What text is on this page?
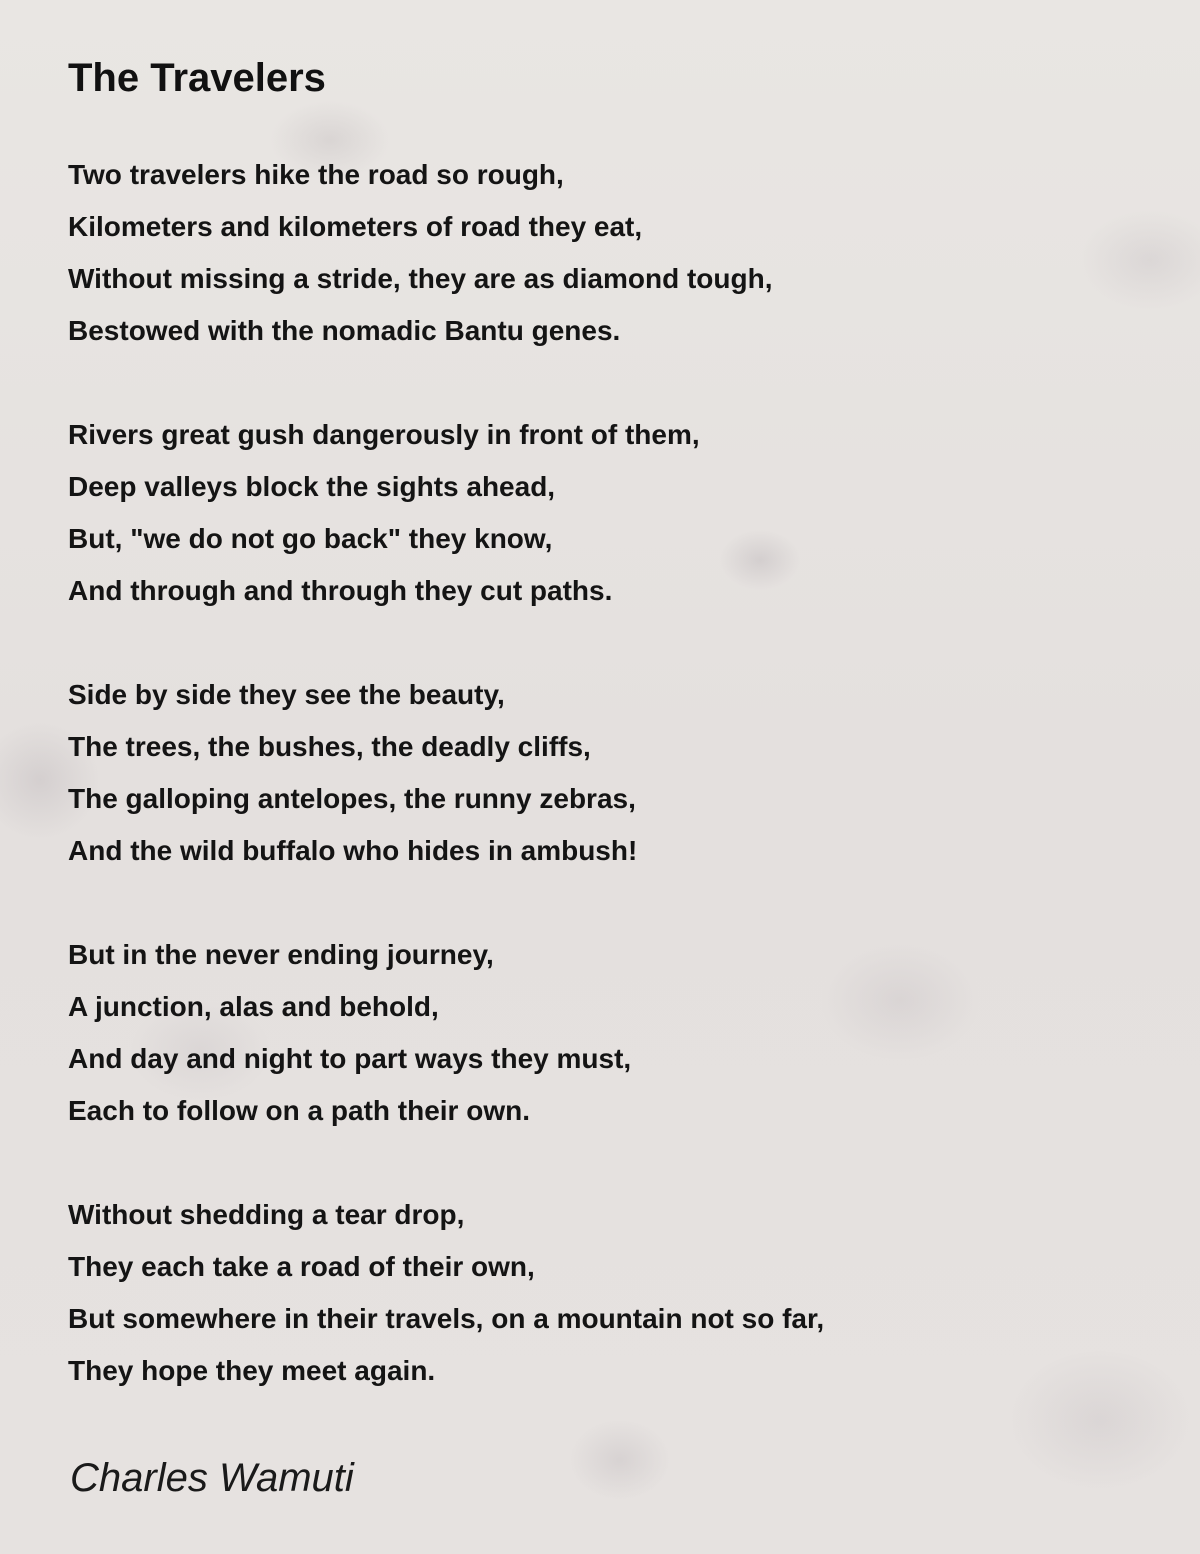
The Travelers
Two travelers hike the road so rough,
Kilometers and kilometers of road they eat,
Without missing a stride, they are as diamond tough,
Bestowed with the nomadic Bantu genes.
Rivers great gush dangerously in front of them,
Deep valleys block the sights ahead,
But, "we do not go back" they know,
And through and through they cut paths.
Side by side they see the beauty,
The trees, the bushes, the deadly cliffs,
The galloping antelopes, the runny zebras,
And the wild buffalo who hides in ambush!
But in the never ending journey,
A junction, alas and behold,
And day and night to part ways they must,
Each to follow on a path their own.
Without shedding a tear drop,
They each take a road of their own,
But somewhere in their travels, on a mountain not so far,
They hope they meet again.

Charles Wamuti
